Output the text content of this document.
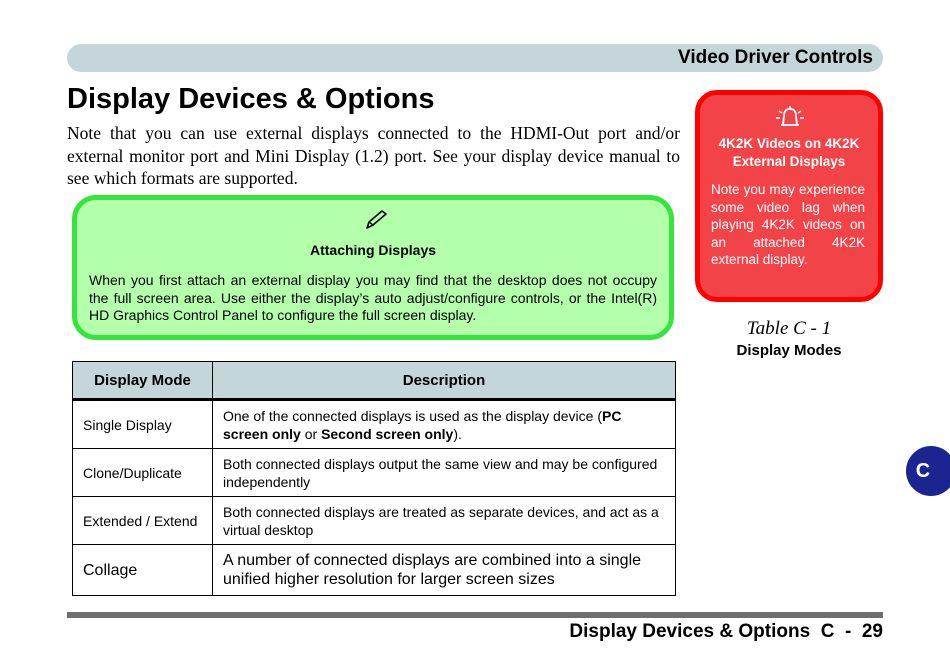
Video Driver Controls
Display Devices & Options

Note that you can use external displays connected to the HDMI-Out port and/or external monitor port and Mini Display (1.2) port. See your display device manual to see which formats are supported.

Attaching Displays

When you first attach an external display you may find that the desktop does not occupy the full screen area. Use either the display’s auto adjust/configure controls, or the Intel(R) HD Graphics Control Panel to configure the full screen display.

4K2K Videos on 4K2K External Displays

Note you may experience some video lag when playing 4K2K videos on an attached 4K2K external display.

Table C - 1
Display Modes
Display Mode	Description
Single Display	One of the connected displays is used as the display device (PC screen only or Second screen only).
Clone/Duplicate	Both connected displays output the same view and may be configured independently
Extended / Extend	Both connected displays are treated as separate devices, and act as a virtual desktop
Collage	A number of connected displays are combined into a single unified higher resolution for larger screen sizes
Display Devices & Options  C  -  29
C
